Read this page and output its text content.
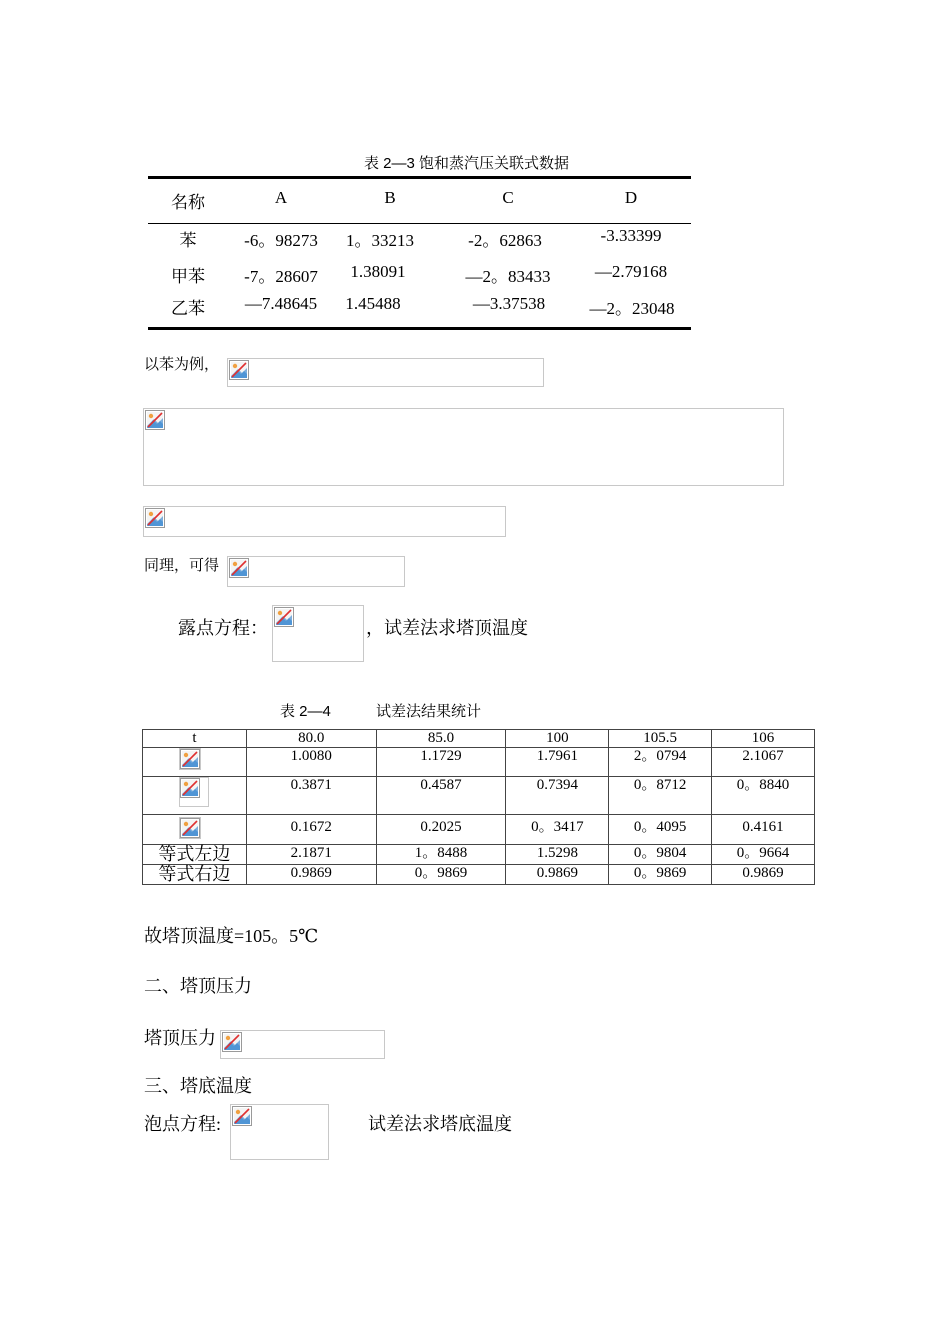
表 2—3 饱和蒸汽压关联式数据
名称	A	B	C	D
苯	-6。98273 1。33213	-2。62863	-3.33399
甲苯 -7。28607 1.38091	—2。83433	—2.79168
乙苯 —7.48645 1.45488	—3.37538	—2。23048
以苯为例，
同理，可得
露点方程：	，试差法求塔顶温度
表 2—4	试差法结果统计
t	80.0	85.0	100	105.5	106

	1.0080	1.1729	1.7961	2。0794	2.1067

	0.3871	0.4587	0.7394	0。8712	0。8840

	0.1672	0.2025	0。3417	0。4095	0.4161
等式左边	2.1871	1。8488	1.5298	0。9804	0。9664
等式右边	0.9869	0。9869	0.9869	0。9869	0.9869
故塔顶温度=105。5℃
二、塔顶压力
塔顶压力
三、塔底温度
泡点方程:	试差法求塔底温度
